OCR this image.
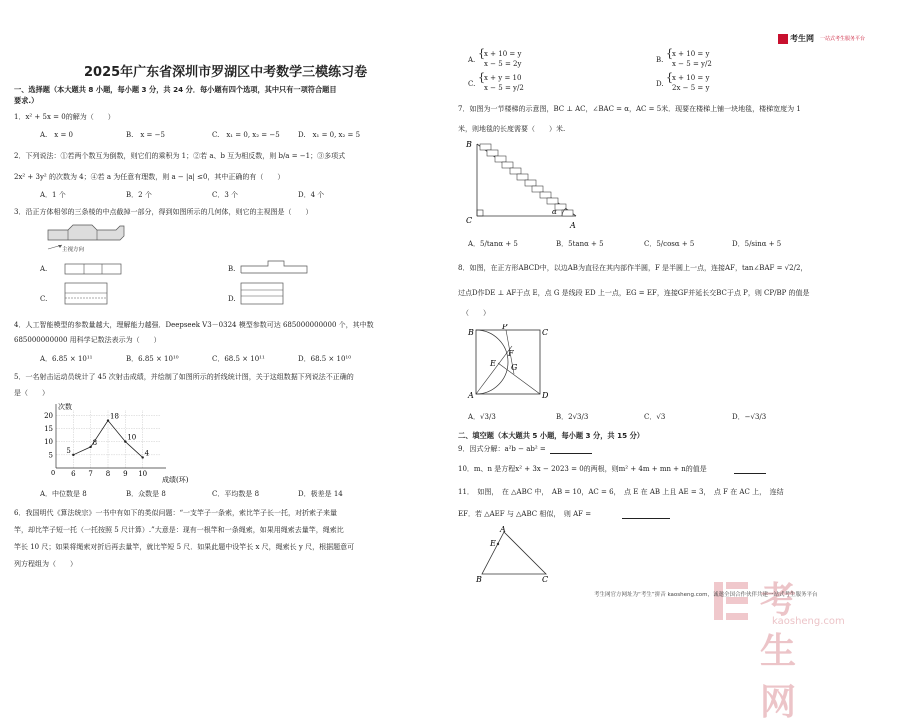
考生网 一站式考生服务平台
2025年广东省深圳市罗湖区中考数学三模练习卷
一、选择题（本大题共 8 小题，每小题 3 分，共 24 分．每小题有四个选项，其中只有一项符合题目
要求.）
1．x² + 5x = 0的解为（　　）
A.　x = 0	B.　x = −5	C.　x₁ = 0, x₂ = −5	D.　x₁ = 0, x₂ = 5
2．下列说法：①若两个数互为倒数，则它们的乘积为 1；②若 a、b 互为相反数，则 b/a = −1；③多项式
2x² + 3y² 的次数为 4；④若 a 为任意有理数，则 a − |a| ≤0，其中正确的有（　　）
A．1 个	B．2 个	C．3 个	D．4 个
3．沿正方体相邻的三条棱的中点截掉一部分，得到如图所示的几何体，则它的主视图是（　　）
主视方向
A.	B.
C.	D.
4．人工智能模型的参数量越大，理解能力越强．Deepseek V3－0324 模型参数可达 685000000000 个，其中数
685000000000 用科学记数法表示为（　　）
A．6.85 × 10¹¹	B．6.85 × 10¹⁰	C．68.5 × 10¹¹	D．68.5 × 10¹⁰
5．一名射击运动员统计了 45 次射击成绩，并绘制了如图所示的折线统计图，关于这组数据下列说法不正确的
是（　　）
5
10
15
20
6 7 8 9 10
0
次数
成绩(环)
5
8
18
10
4
A．中位数是 8	B．众数是 8	C．平均数是 8	D．极差是 14
6．我国明代《算法统宗》一书中有如下的类似问题：“一支竿子一条索，索比竿子长一托，对折索子来量
竿，却比竿子短一托（一托按照 5 尺计算）.”大意是：现有一根竿和一条绳索，如果用绳索去量竿，绳索比
竿长 10 尺；如果将绳索对折后再去量竿，就比竿短 5 尺．如果此题中设竿长 x 尺，绳索长 y 尺，根据题意可
列方程组为（　　）
A. { x + 10 = y
x − 5 = 2y	B. { x + 10 = y
x − 5 = y/2
C. { x + y = 10
x − 5 = y/2	D. { x + 10 = y
2x − 5 = y
7．如图为一节楼梯的示意图，BC ⊥ AC，∠BAC = α，AC = 5米．现要在楼梯上铺一块地毯，楼梯宽度为 1
米，则地毯的长度需要（　　）米.
B
C
A
α
A．5/tanα + 5	B．5tanα + 5	C．5/cosα + 5	D．5/sinα + 5
8．如图，在正方形ABCD中，以边AB为直径在其内部作半圆，F 是半圆上一点，连接AF，tan∠BAF = √2/2，
过点D作DE ⊥ AF于点 E，点 G 是线段 ED 上一点，EG = EF，连接GF并延长交BC于点 P，则 CP/BP 的值是
（　　）
B
P
C
E
F
G
A	D
A．√3/3	B．2√3/3	C．√3	D．−√3/3
二、填空题（本大题共 5 小题，每小题 3 分，共 15 分）
9．因式分解：a²b − ab² =
10．m、n 是方程x² + 3x − 2023 = 0的两根，则m² + 4m + mn + n的值是
11．　如图，　在 △ABC 中，　AB = 10，AC = 6，　点 E 在 AB 上且 AE = 3，　点 F 在 AC 上，　连结
EF．若 △AEF 与 △ABC 相似，　则 AF =
A
E
B	C
考生网
kaosheng.com
考生网官方网址为“考生”拼音 kaosheng.com，诚邀全国合作伙伴共建一站式考生服务平台
